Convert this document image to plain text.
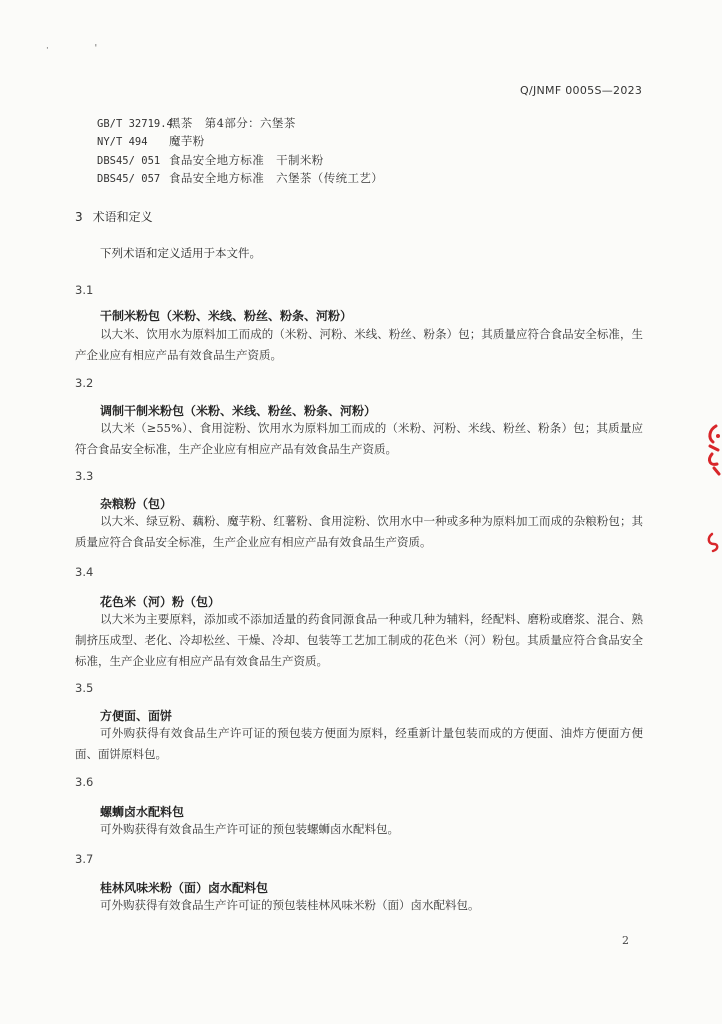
·                '
Q/JNMF 0005S—2023
GB/T 32719.4黑茶　第4部分：六堡茶
NY/T 494 魔芋粉
DBS45/ 051 食品安全地方标准　干制米粉
DBS45/ 057 食品安全地方标准　六堡茶（传统工艺）
3 术语和定义
下列术语和定义适用于本文件。
3.1
干制米粉包（米粉、米线、粉丝、粉条、河粉）
以大米、饮用水为原料加工而成的（米粉、河粉、米线、粉丝、粉条）包；其质量应符合食品安全标准，生产企业应有相应产品有效食品生产资质。
3.2
调制干制米粉包（米粉、米线、粉丝、粉条、河粉）
以大米（≥55%）、食用淀粉、饮用水为原料加工而成的（米粉、河粉、米线、粉丝、粉条）包；其质量应符合食品安全标准，生产企业应有相应产品有效食品生产资质。
3.3
杂粮粉（包）
以大米、绿豆粉、藕粉、魔芋粉、红薯粉、食用淀粉、饮用水中一种或多种为原料加工而成的杂粮粉包；其质量应符合食品安全标准，生产企业应有相应产品有效食品生产资质。
3.4
花色米（河）粉（包）
以大米为主要原料，添加或不添加适量的药食同源食品一种或几种为辅料，经配料、磨粉或磨浆、混合、熟制挤压成型、老化、冷却松丝、干燥、冷却、包装等工艺加工制成的花色米（河）粉包。其质量应符合食品安全标准，生产企业应有相应产品有效食品生产资质。
3.5
方便面、面饼
可外购获得有效食品生产许可证的预包装方便面为原料，经重新计量包装而成的方便面、油炸方便面方便面、面饼原料包。
3.6
螺蛳卤水配料包
可外购获得有效食品生产许可证的预包装螺蛳卤水配料包。
3.7
桂林风味米粉（面）卤水配料包
可外购获得有效食品生产许可证的预包装桂林风味米粉（面）卤水配料包。
2
